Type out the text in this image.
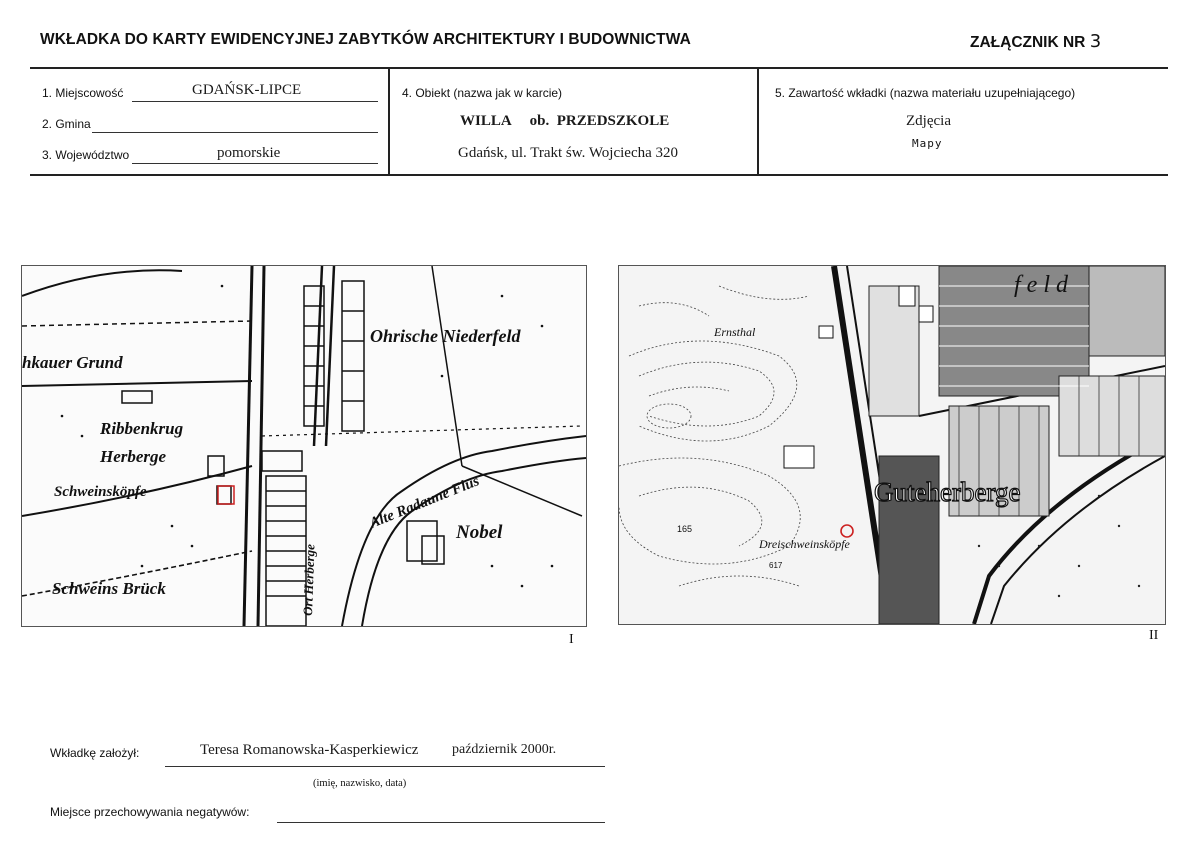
WKŁADKA DO KARTY EWIDENCYJNEJ ZABYTKÓW ARCHITEKTURY I BUDOWNICTWA	ZAŁĄCZNIK NR 3
1. Miejscowość	GDAŃSK-LIPCE
2. Gmina
3. Województwo	pomorskie
4. Obiekt (nazwa jak w karcie)
WILLA     ob.  PRZEDSZKOLE
Gdańsk, ul. Trakt św. Wojciecha 320
5. Zawartość wkładki (nazwa materiału uzupełniającego)
Zdjęcia
Mapy
Ohrische Niederfeld
hkauer Grund
Ribbenkrug
Herberge
Schweinsköpfe
Schweins Brück
Alte Radaune Flus
Nobel
Ort Herberge
I
feld
Ernsthal
Guteherberge
Dreischweinsköpfe
165
617
II
Wkładkę założył:	Teresa Romanowska-Kasperkiewicz październik 2000r.
(imię, nazwisko, data)
Miejsce przechowywania negatywów:
